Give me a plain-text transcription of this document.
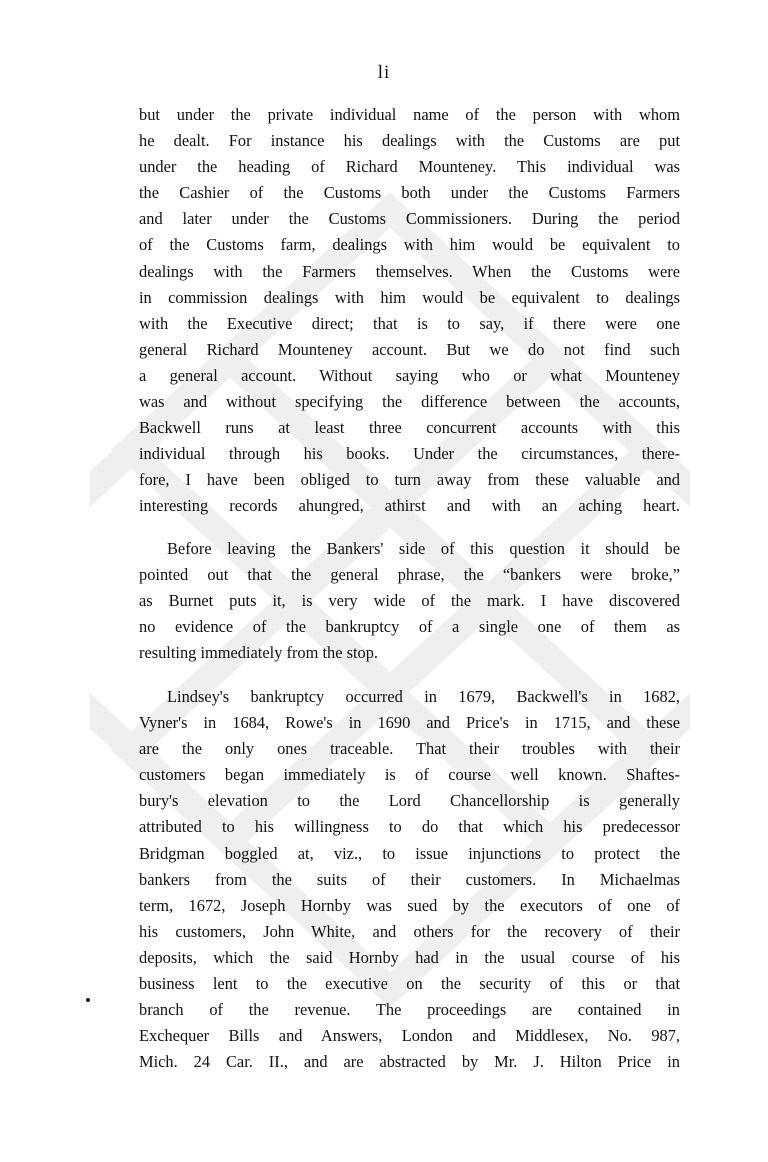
li
but under the private individual name of the person with whom
he dealt. For instance his dealings with the Customs are put
under the heading of Richard Mounteney. This individual was
the Cashier of the Customs both under the Customs Farmers
and later under the Customs Commissioners. During the period
of the Customs farm, dealings with him would be equivalent to
dealings with the Farmers themselves. When the Customs were
in commission dealings with him would be equivalent to dealings
with the Executive direct; that is to say, if there were one
general Richard Mounteney account. But we do not find such
a general account. Without saying who or what Mounteney
was and without specifying the difference between the accounts,
Backwell runs at least three concurrent accounts with this
individual through his books. Under the circumstances, there-
fore, I have been obliged to turn away from these valuable and
interesting records ahungred, athirst and with an aching heart.
Before leaving the Bankers' side of this question it should be
pointed out that the general phrase, the “bankers were broke,”
as Burnet puts it, is very wide of the mark. I have discovered
no evidence of the bankruptcy of a single one of them as
resulting immediately from the stop.
Lindsey's bankruptcy occurred in 1679, Backwell's in 1682,
Vyner's in 1684, Rowe's in 1690 and Price's in 1715, and these
are the only ones traceable. That their troubles with their
customers began immediately is of course well known. Shaftes-
bury's elevation to the Lord Chancellorship is generally
attributed to his willingness to do that which his predecessor
Bridgman boggled at, viz., to issue injunctions to protect the
bankers from the suits of their customers. In Michaelmas
term, 1672, Joseph Hornby was sued by the executors of one of
his customers, John White, and others for the recovery of their
deposits, which the said Hornby had in the usual course of his
business lent to the executive on the security of this or that
branch of the revenue. The proceedings are contained in
Exchequer Bills and Answers, London and Middlesex, No. 987,
Mich. 24 Car. II., and are abstracted by Mr. J. Hilton Price in
